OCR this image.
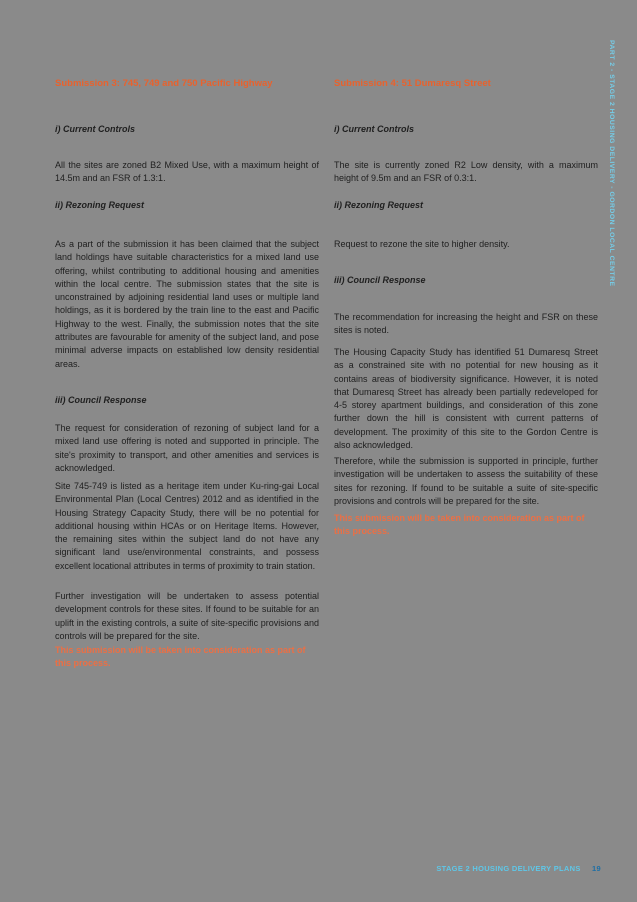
Submission 3: 745, 749 and 750 Pacific Highway
i) Current Controls
All the sites are zoned B2 Mixed Use, with a maximum height of 14.5m and an FSR of 1.3:1.
ii) Rezoning Request
As a part of the submission it has been claimed that the subject land holdings have suitable characteristics for a mixed land use offering, whilst contributing to additional housing and amenities within the local centre. The submission states that the site is unconstrained by adjoining residential land uses or multiple land holdings, as it is bordered by the train line to the east and Pacific Highway to the west. Finally, the submission notes that the site attributes are favourable for amenity of the subject land, and pose minimal adverse impacts on established low density residential areas.
iii) Council Response
The request for consideration of rezoning of subject land for a mixed land use offering is noted and supported in principle. The site's proximity to transport, and other amenities and services is acknowledged.
Site 745-749 is listed as a heritage item under Ku-ring-gai Local Environmental Plan (Local Centres) 2012 and as identified in the Housing Strategy Capacity Study, there will be no potential for additional housing within HCAs or on Heritage Items. However, the remaining sites within the subject land do not have any significant land use/environmental constraints, and possess excellent locational attributes in terms of proximity to train station.
Further investigation will be undertaken to assess potential development controls for these sites. If found to be suitable for an uplift in the existing controls, a suite of site-specific provisions and controls will be prepared for the site.
This submission will be taken into consideration as part of this process.
Submission 4: 51 Dumaresq Street
i) Current Controls
The site is currently zoned R2 Low density, with a maximum height of 9.5m and an FSR of 0.3:1.
ii) Rezoning Request
Request to rezone the site to higher density.
iii) Council Response
The recommendation for increasing the height and FSR on these sites is noted.
The Housing Capacity Study has identified 51 Dumaresq Street as a constrained site with no potential for new housing as it contains areas of biodiversity significance. However, it is noted that Dumaresq Street has already been partially redeveloped for 4-5 storey apartment buildings, and consideration of this zone further down the hill is consistent with current patterns of development. The proximity of this site to the Gordon Centre is also acknowledged.
Therefore, while the submission is supported in principle, further investigation will be undertaken to assess the suitability of these sites for rezoning. If found to be suitable a suite of site-specific provisions and controls will be prepared for the site.
This submission will be taken into consideration as part of this process.
PART 2 - STAGE 2 HOUSING DELIVERY - GORDON LOCAL CENTRE
STAGE 2 HOUSING DELIVERY PLANS 19
